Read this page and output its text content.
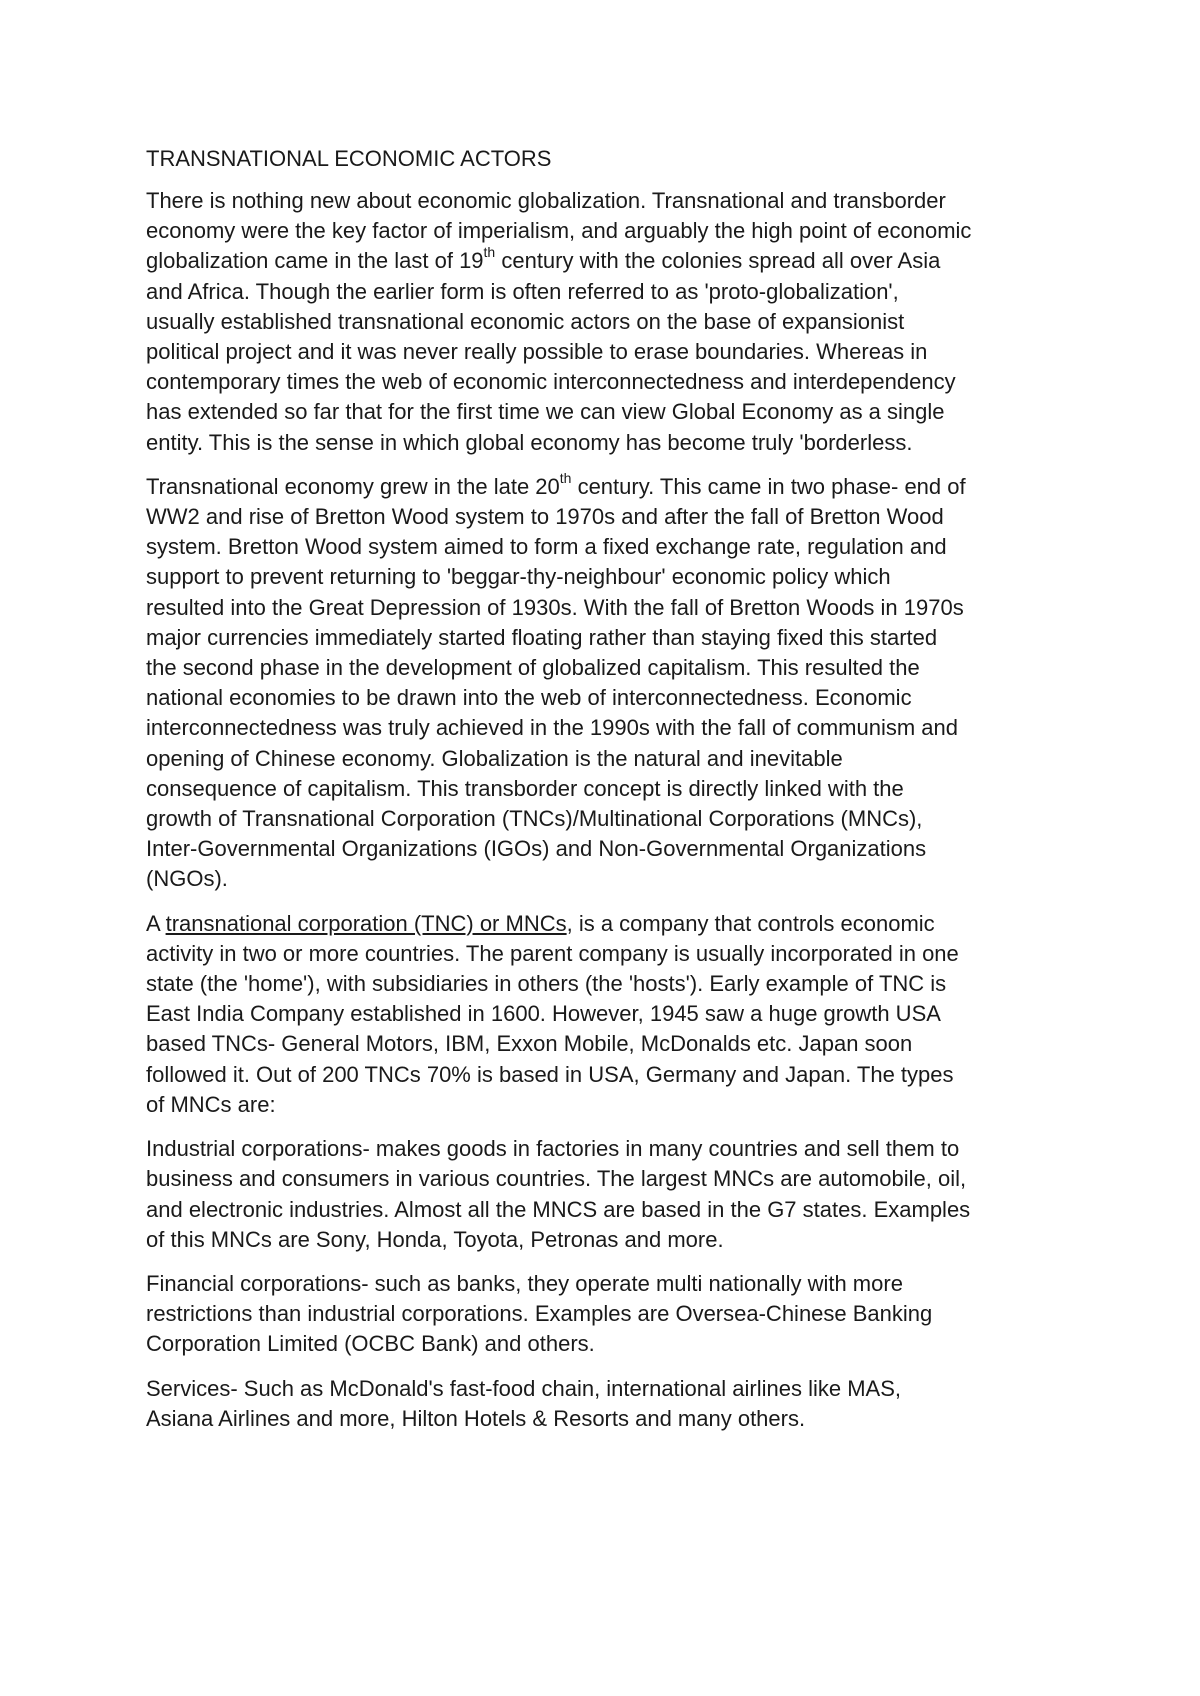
TRANSNATIONAL ECONOMIC ACTORS

There is nothing new about economic globalization. Transnational and transborder
economy were the key factor of imperialism, and arguably the high point of economic
globalization came in the last of 19th century with the colonies spread all over Asia
and Africa. Though the earlier form is often referred to as 'proto-globalization',
usually established transnational economic actors on the base of expansionist
political project and it was never really possible to erase boundaries. Whereas in
contemporary times the web of economic interconnectedness and interdependency
has extended so far that for the first time we can view Global Economy as a single
entity. This is the sense in which global economy has become truly 'borderless.

Transnational economy grew in the late 20th century. This came in two phase- end of
WW2 and rise of Bretton Wood system to 1970s and after the fall of Bretton Wood
system. Bretton Wood system aimed to form a fixed exchange rate, regulation and
support to prevent returning to 'beggar-thy-neighbour' economic policy which
resulted into the Great Depression of 1930s. With the fall of Bretton Woods in 1970s
major currencies immediately started floating rather than staying fixed this started
the second phase in the development of globalized capitalism. This resulted the
national economies to be drawn into the web of interconnectedness. Economic
interconnectedness was truly achieved in the 1990s with the fall of communism and
opening of Chinese economy. Globalization is the natural and inevitable
consequence of capitalism. This transborder concept is directly linked with the
growth of Transnational Corporation (TNCs)/Multinational Corporations (MNCs),
Inter-Governmental Organizations (IGOs) and Non-Governmental Organizations
(NGOs).

A transnational corporation (TNC) or MNCs, is a company that controls economic
activity in two or more countries. The parent company is usually incorporated in one
state (the 'home'), with subsidiaries in others (the 'hosts'). Early example of TNC is
East India Company established in 1600. However, 1945 saw a huge growth USA
based TNCs- General Motors, IBM, Exxon Mobile, McDonalds etc. Japan soon
followed it. Out of 200 TNCs 70% is based in USA, Germany and Japan. The types
of MNCs are:

Industrial corporations- makes goods in factories in many countries and sell them to
business and consumers in various countries. The largest MNCs are automobile, oil,
and electronic industries. Almost all the MNCS are based in the G7 states. Examples
of this MNCs are Sony, Honda, Toyota, Petronas and more.

Financial corporations- such as banks, they operate multi nationally with more
restrictions than industrial corporations. Examples are Oversea-Chinese Banking
Corporation Limited (OCBC Bank) and others.

Services- Such as McDonald's fast-food chain, international airlines like MAS,
Asiana Airlines and more, Hilton Hotels & Resorts and many others.
